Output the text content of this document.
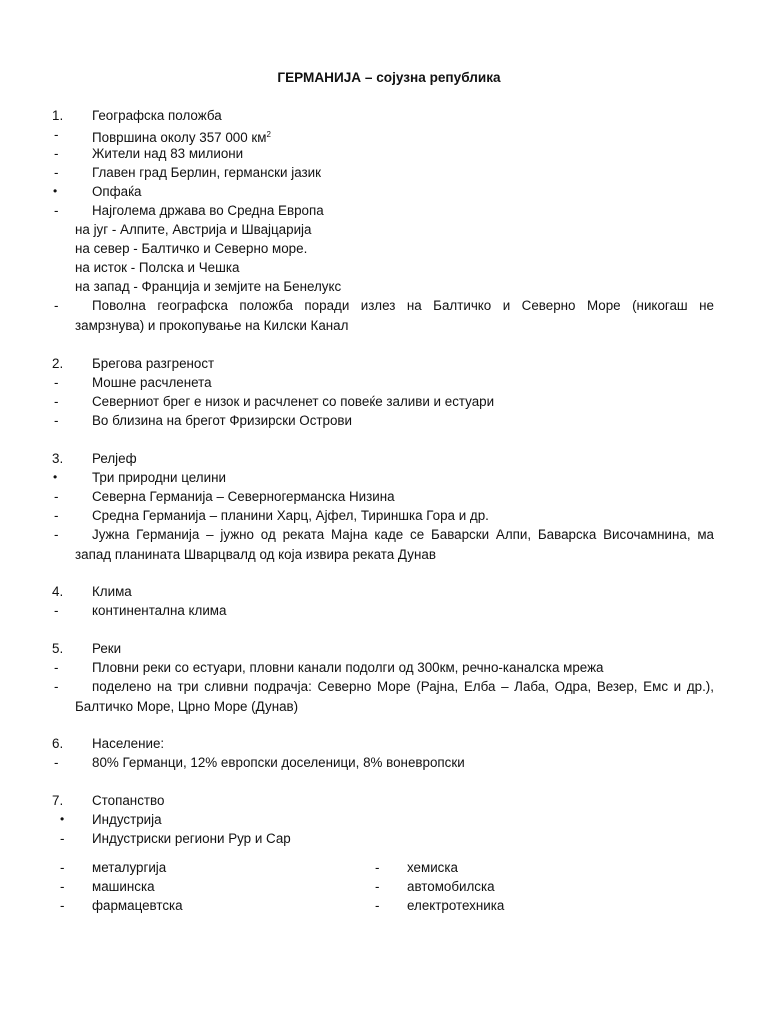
ГЕРМАНИЈА – сојузна република
1. Географска положба
-	Површина околу 357 000 $км^2$
-	Жители над 83 милиони
-	Главен град Берлин, германски јазик
•	Опфаќа
-	Најголема држава во Средна Европа
на југ - Алпите, Австрија и Швајцарија
на север - Балтичко и Северно море.
на исток - Полска и Чешка
на запад - Франција и земјите на Бенелукс
-	Поволна географска положба поради излез на Балтичко и Северно Море (никогаш не
замрзнува) и прокопување на Килски Канал
2. Брегова разгреност
-	Мошне расчленета
-	Северниот брег е низок и расчленет со повеќе заливи и естуари
-	Во близина на брегот Фризирски Острови
3. Релјеф
•	Три природни целини
-	Северна Германија – Северногерманска Низина
-	Средна Германија – планини Харц, Ајфел, Тириншка Гора и др.
-	Јужна Германија – јужно од реката Мајна каде се Баварски Алпи, Баварска Височамнина, ма
запад планината Шварцвалд од која извира реката Дунав
4. Клима
-	континентална клима
5. Реки
-	Пловни реки со естуари, пловни канали подолги од 300км, речно-каналска мрежа
-	поделено на три сливни подрачја: Северно Море (Рајна, Елба – Лаба, Одра, Везер, Емс и др.),
Балтичко Море, Црно Море (Дунав)
6. Население:
-	80% Германци, 12% европски доселеници, 8% воневропски
7. Стопанство
• Индустрија
- Индустриски региони Рур и Сар
- металургија	- хемиска
- машинска	- автомобилска
- фармацевтска	- електротехника
